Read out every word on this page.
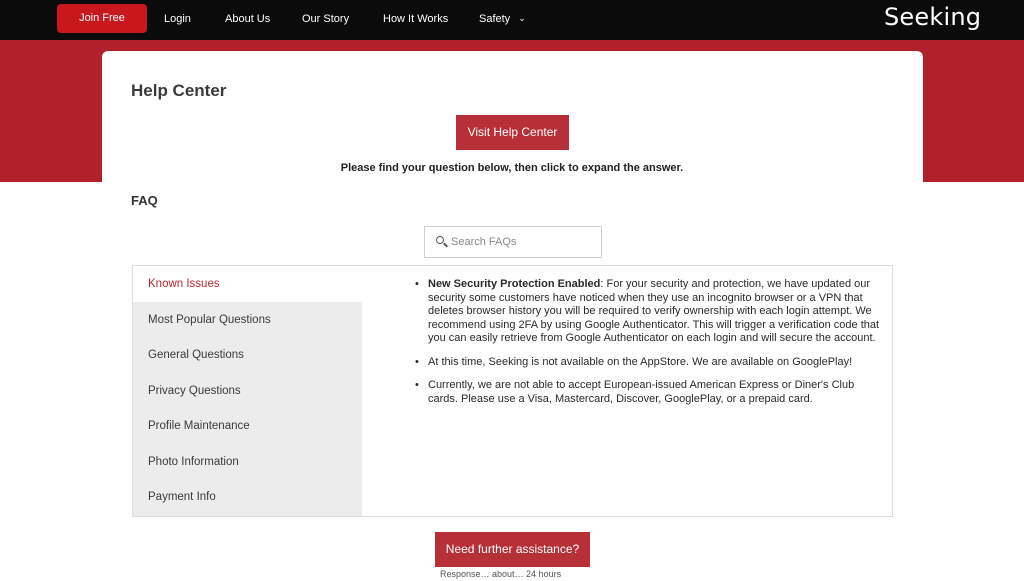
Join Free	Login	About Us	Our Story	How It Works	Safety ⌄	Seeking
Help Center
Visit Help Center
Please find your question below, then click to expand the answer.
FAQ
Search FAQs
Known Issues
Most Popular Questions
General Questions
Privacy Questions
Profile Maintenance
Photo Information
Payment Info
• New Security Protection Enabled: For your security and protection, we have updated our security some customers have noticed when they use an incognito browser or a VPN that deletes browser history you will be required to verify ownership with each login attempt. We recommend using 2FA by using Google Authenticator. This will trigger a verification code that you can easily retrieve from Google Authenticator on each login and will secure the account.
• At this time, Seeking is not available on the AppStore. We are available on GooglePlay!
• Currently, we are not able to accept European-issued American Express or Diner's Club cards. Please use a Visa, Mastercard, Discover, GooglePlay, or a prepaid card.
Need further assistance?
Response… about… 24 hours
